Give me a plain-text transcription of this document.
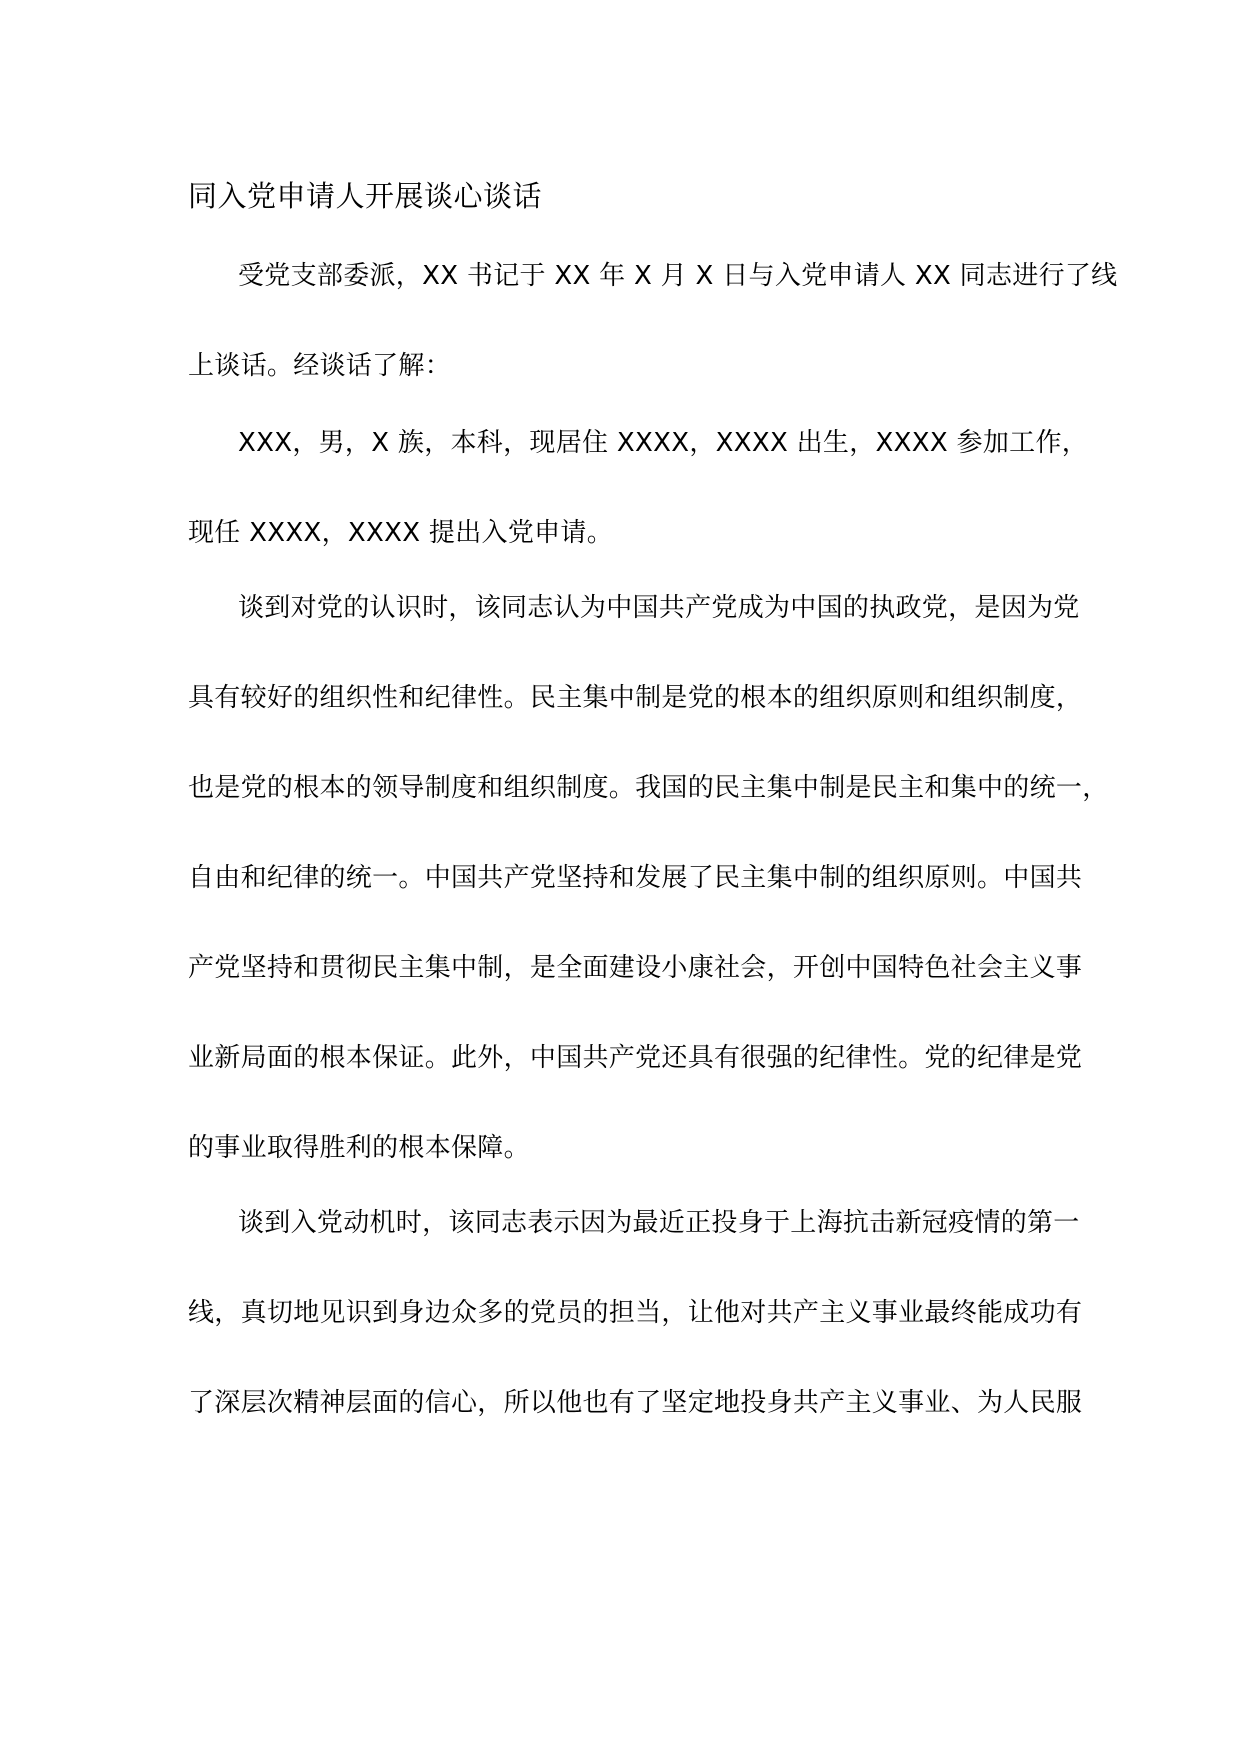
同入党申请人开展谈心谈话
受党支部委派，XX 书记于 XX 年 X 月 X 日与入党申请人 XX 同志进行了线
上谈话。经谈话了解：
XXX，男，X 族，本科，现居住 XXXX，XXXX 出生，XXXX 参加工作，
现任 XXXX，XXXX 提出入党申请。
谈到对党的认识时，该同志认为中国共产党成为中国的执政党，是因为党
具有较好的组织性和纪律性。民主集中制是党的根本的组织原则和组织制度，
也是党的根本的领导制度和组织制度。我国的民主集中制是民主和集中的统一，
自由和纪律的统一。中国共产党坚持和发展了民主集中制的组织原则。中国共
产党坚持和贯彻民主集中制，是全面建设小康社会，开创中国特色社会主义事
业新局面的根本保证。此外，中国共产党还具有很强的纪律性。党的纪律是党
的事业取得胜利的根本保障。
谈到入党动机时，该同志表示因为最近正投身于上海抗击新冠疫情的第一
线，真切地见识到身边众多的党员的担当，让他对共产主义事业最终能成功有
了深层次精神层面的信心，所以他也有了坚定地投身共产主义事业、为人民服
